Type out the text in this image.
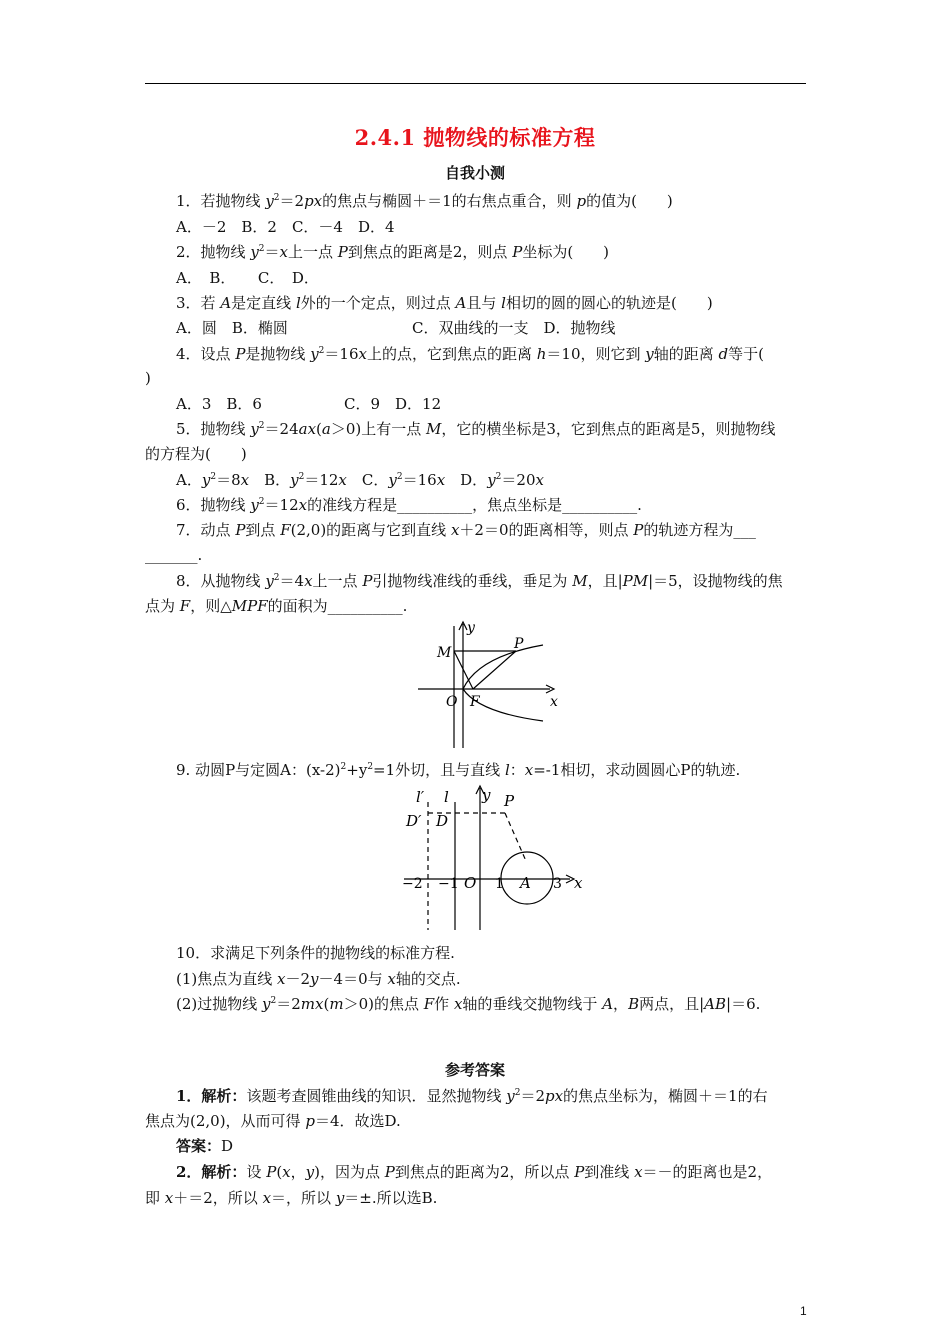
2.4.1 抛物线的标准方程
自我小测
1．若抛物线 $y^2=2px$的焦点与椭圆＋＝1的右焦点重合，则 p的值为(　　)
A．－2　B．2　C．－4　D．4
2．抛物线 $y^2=x$上一点 P到焦点的距离是2，则点 P坐标为(　　)
A．　B．　　C．　D．
3．若 A是定直线 l外的一个定点，则过点 A且与 l相切的圆的圆心的轨迹是(　　)
A．圆　B．椭圆	C．双曲线的一支　D．抛物线
4．设点 P是抛物线 $y^2=16x$上的点，它到焦点的距离 h＝10，则它到 y轴的距离 d等于(
)
A．3　B．6	C．9　D．12
5．抛物线 $y^2=24ax(a>0)$上有一点 M，它的横坐标是3，它到焦点的距离是5，则抛物线
的方程为(　　)
A．$y^2=8x$　B．$y^2=12x$　C．$y^2=16x$　D．$y^2=20x$
6．抛物线 $y^2=12x$的准线方程是__________，焦点坐标是__________.
7．动点 P到点 F(2,0)的距离与它到直线 x＋2＝0的距离相等，则点 P的轨迹方程为___
_______.
8．从抛物线 $y^2=4x$上一点 P引抛物线准线的垂线，垂足为 M，且|PM|＝5，设抛物线的焦
点为 F，则△MPF的面积为__________.
y
M
P
O F	x
9. 动圆P与定圆A：$(x-2)^2+y^2=1$外切，且与直线 l：x=-1相切，求动圆圆心P的轨迹.
l′ l y P
D′ D
A
O	x
−2 −1	1	3
10．求满足下列条件的抛物线的标准方程.
(1)焦点为直线 x－2y－4＝0与 x轴的交点.
(2)过抛物线 $y^2=2mx(m>0)$的焦点 F作 x轴的垂线交抛物线于 A，B两点，且|AB|＝6.
参考答案
1．解析：该题考查圆锥曲线的知识．显然抛物线 $y^2=2px$的焦点坐标为，椭圆＋＝1的右
焦点为(2,0)，从而可得 p＝4．故选D.
答案：D
2．解析：设 P(x，y)，因为点 P到焦点的距离为2，所以点 P到准线 x＝－的距离也是2，
即 x＋＝2，所以 x＝，所以 y＝±.所以选B.
1
